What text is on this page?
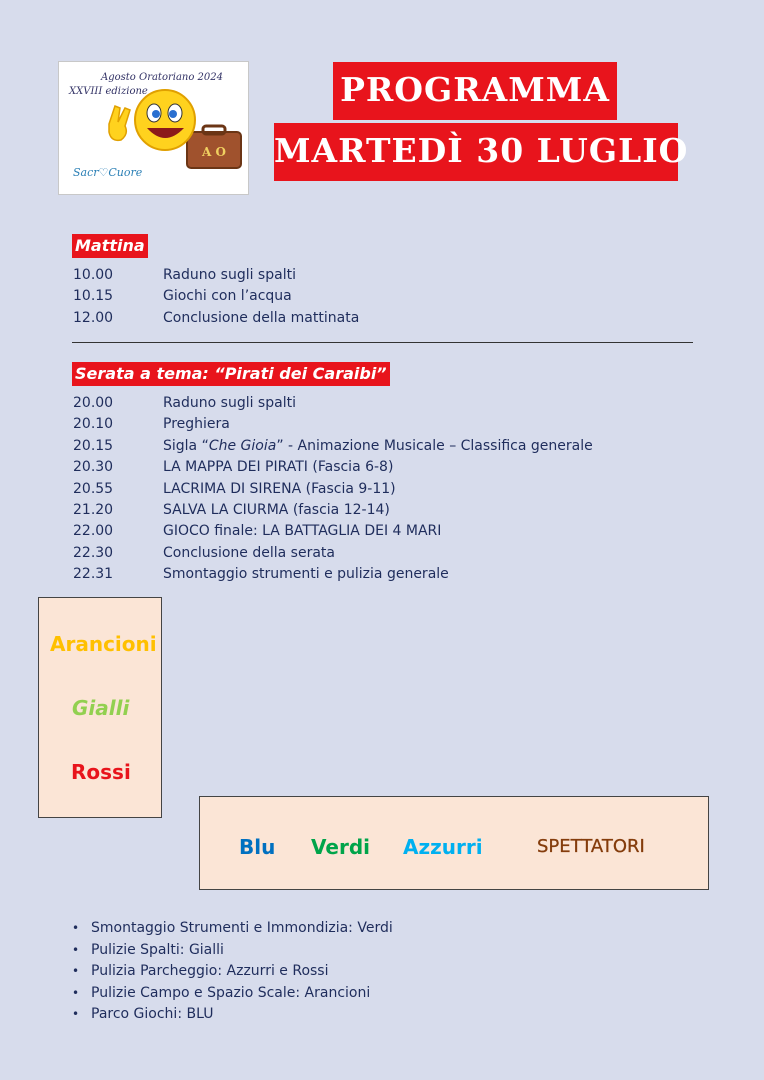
Agosto Oratoriano 2024
XXVIII edizione
A O
Sacr♡Cuore
PROGRAMMA
MARTEDÌ 30 LUGLIO
Mattina
10.00	Raduno sugli spalti
10.15	Giochi con l’acqua
12.00	Conclusione della mattinata
Serata a tema: “Pirati dei Caraibi”
20.00	Raduno sugli spalti
20.10	Preghiera
20.15	Sigla “Che Gioia” - Animazione Musicale – Classifica generale
20.30	LA MAPPA DEI PIRATI (Fascia 6-8)
20.55	LACRIMA DI SIRENA (Fascia 9-11)
21.20	SALVA LA CIURMA (fascia 12-14)
22.00	GIOCO finale: LA BATTAGLIA DEI 4 MARI
22.30	Conclusione della serata
22.31	Smontaggio strumenti e pulizia generale
Arancioni
Gialli
Rossi
Blu Verdi Azzurri	SPETTATORI
• Smontaggio Strumenti e Immondizia: Verdi
• Pulizie Spalti: Gialli
• Pulizia Parcheggio: Azzurri e Rossi
• Pulizie Campo e Spazio Scale: Arancioni
• Parco Giochi: BLU
